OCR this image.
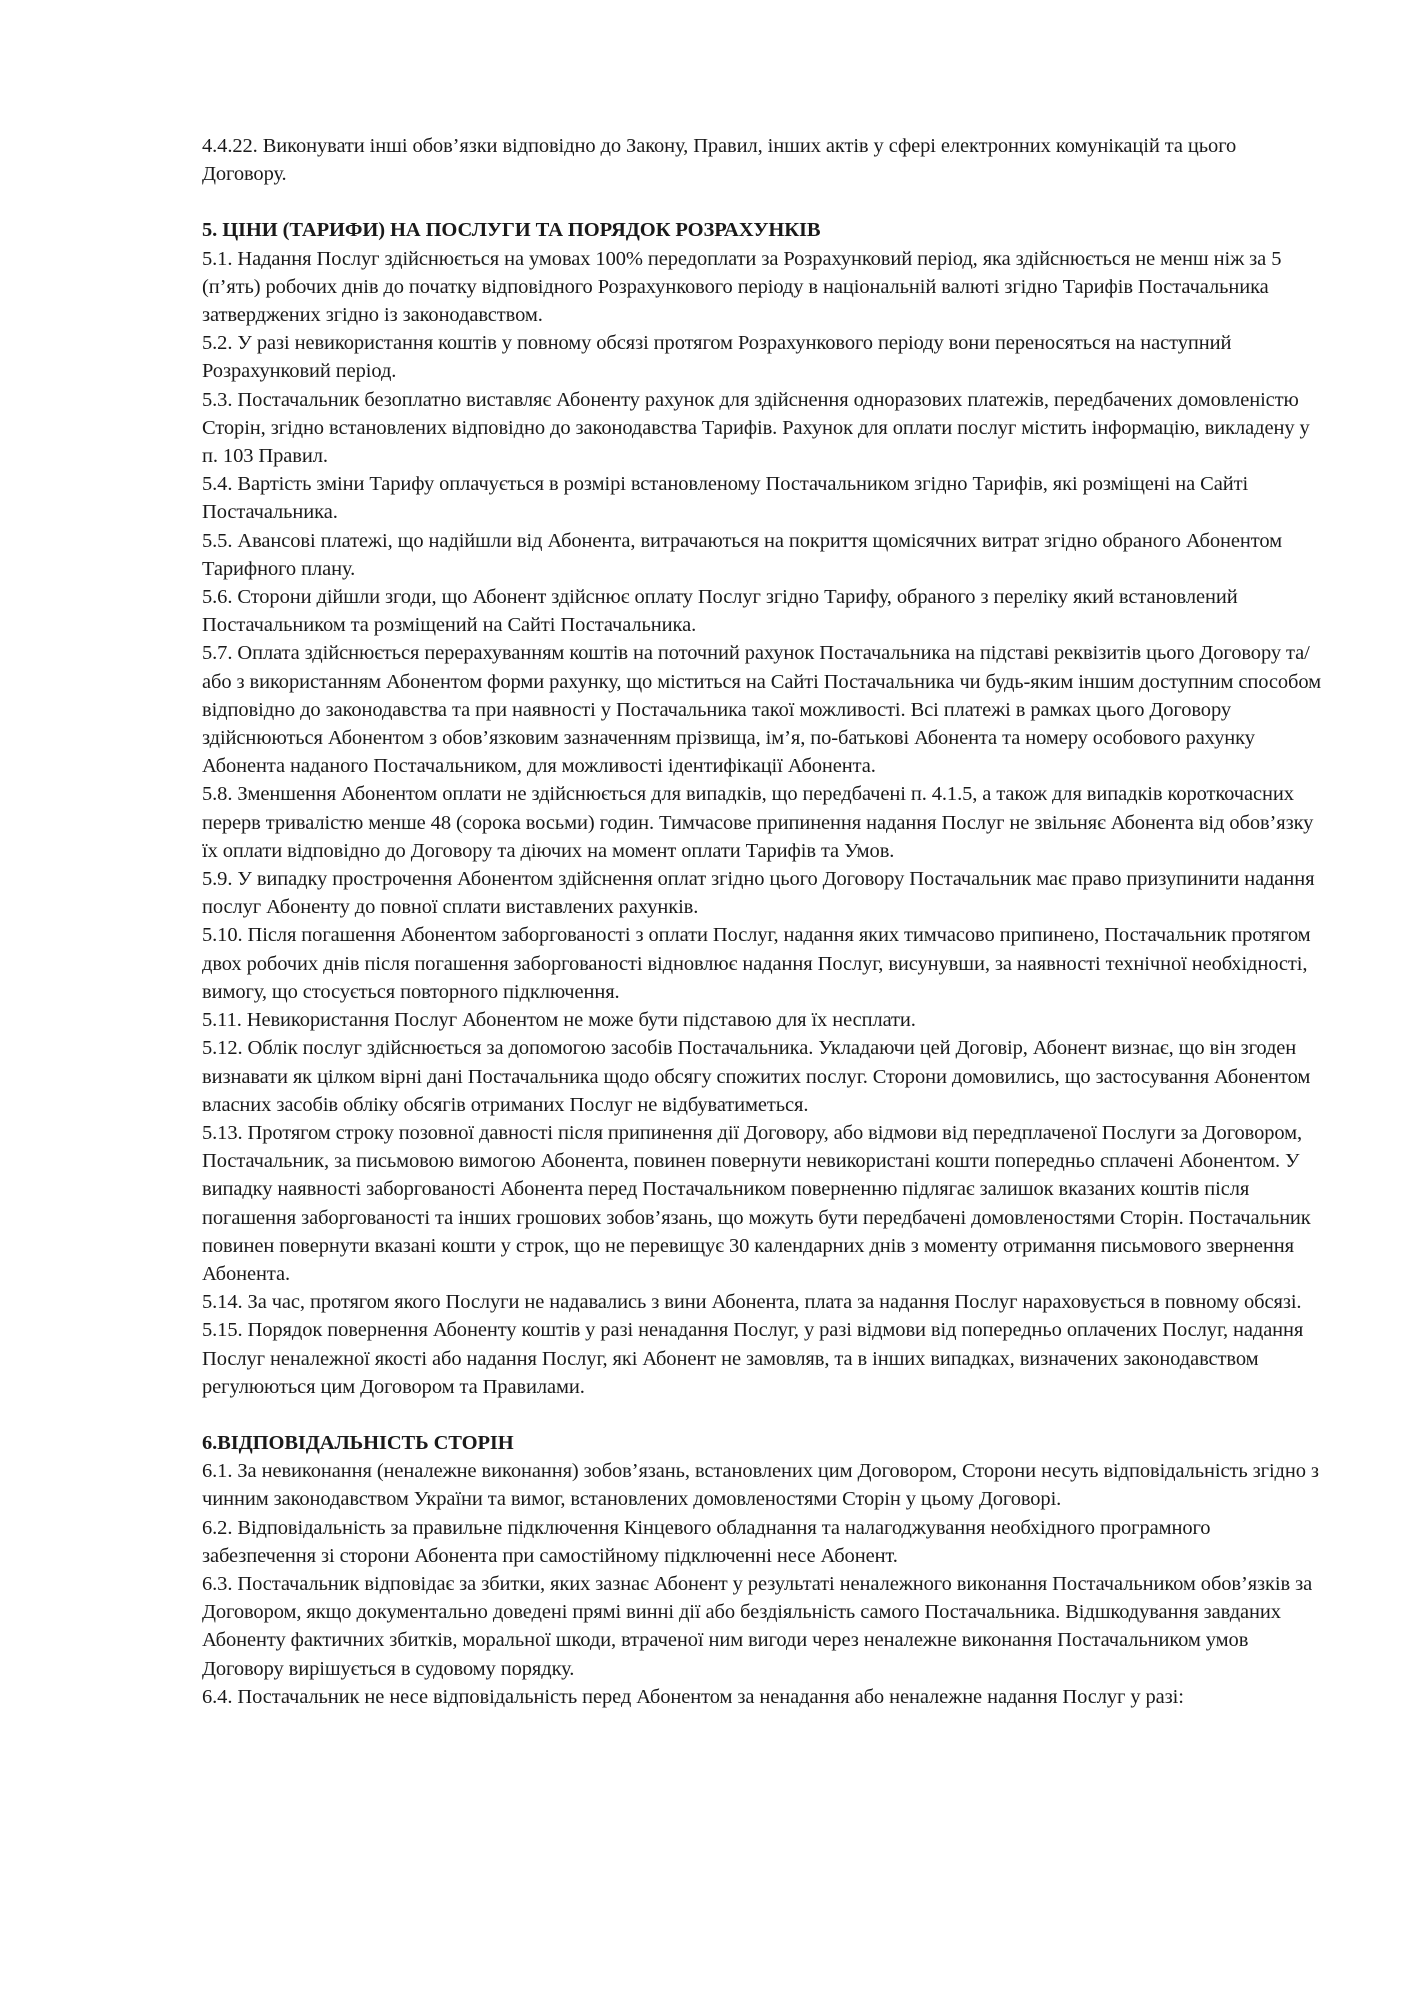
4.4.22. Виконувати інші обов’язки відповідно до Закону, Правил, інших актів у сфері електронних комунікацій та цього Договору.

5. ЦІНИ (ТАРИФИ) НА ПОСЛУГИ ТА ПОРЯДОК РОЗРАХУНКІВ

5.1. Надання Послуг здійснюється на умовах 100% передоплати за Розрахунковий період, яка здійснюється не менш ніж за 5 (п’ять) робочих днів до початку відповідного Розрахункового періоду в національній валюті згідно Тарифів Постачальника затверджених згідно із законодавством.

5.2. У разі невикористання коштів у повному обсязі протягом Розрахункового періоду вони переносяться на наступний Розрахунковий період.

5.3. Постачальник безоплатно виставляє Абоненту рахунок для здійснення одноразових платежів, передбачених домовленістю Сторін, згідно встановлених відповідно до законодавства Тарифів. Рахунок для оплати послуг містить інформацію, викладену у п. 103 Правил.

5.4. Вартість зміни Тарифу оплачується в розмірі встановленому Постачальником згідно Тарифів, які розміщені на Сайті Постачальника.

5.5. Авансові платежі, що надійшли від Абонента, витрачаються на покриття щомісячних витрат згідно обраного Абонентом Тарифного плану.

5.6. Сторони дійшли згоди, що Абонент здійснює оплату Послуг згідно Тарифу, обраного з переліку який встановлений Постачальником та розміщений на Сайті Постачальника.

5.7. Оплата здійснюється перерахуванням коштів на поточний рахунок Постачальника на підставі реквізитів цього Договору та/або з використанням Абонентом форми рахунку, що міститься на Сайті Постачальника чи будь-яким іншим доступним способом відповідно до законодавства та при наявності у Постачальника такої можливості. Всі платежі в рамках цього Договору здійснюються Абонентом з обов’язковим зазначенням прізвища, ім’я, по-батькові Абонента та номеру особового рахунку Абонента наданого Постачальником, для можливості ідентифікації Абонента.

5.8. Зменшення Абонентом оплати не здійснюється для випадків, що передбачені п. 4.1.5, а також для випадків короткочасних перерв тривалістю менше 48 (сорока восьми) годин. Тимчасове припинення надання Послуг не звільняє Абонента від обов’язку їх оплати відповідно до Договору та діючих на момент оплати Тарифів та Умов.

5.9. У випадку прострочення Абонентом здійснення оплат згідно цього Договору Постачальник має право призупинити надання послуг Абоненту до повної сплати виставлених рахунків.

5.10. Після погашення Абонентом заборгованості з оплати Послуг, надання яких тимчасово припинено, Постачальник протягом двох робочих днів після погашення заборгованості відновлює надання Послуг, висунувши, за наявності технічної необхідності, вимогу, що стосується повторного підключення.

5.11. Невикористання Послуг Абонентом не може бути підставою для їх несплати.

5.12. Облік послуг здійснюється за допомогою засобів Постачальника. Укладаючи цей Договір, Абонент визнає, що він згоден визнавати як цілком вірні дані Постачальника щодо обсягу спожитих послуг. Сторони домовились, що застосування Абонентом власних засобів обліку обсягів отриманих Послуг не відбуватиметься.

5.13. Протягом строку позовної давності після припинення дії Договору, або відмови від передплаченої Послуги за Договором, Постачальник, за письмовою вимогою Абонента, повинен повернути невикористані кошти попередньо сплачені Абонентом. У випадку наявності заборгованості Абонента перед Постачальником поверненню підлягає залишок вказаних коштів після погашення заборгованості та інших грошових зобов’язань, що можуть бути передбачені домовленостями Сторін. Постачальник повинен повернути вказані кошти у строк, що не перевищує 30 календарних днів з моменту отримання письмового звернення Абонента.

5.14. За час, протягом якого Послуги не надавались з вини Абонента, плата за надання Послуг нараховується в повному обсязі.

5.15. Порядок повернення Абоненту коштів у разі ненадання Послуг, у разі відмови від попередньо оплачених Послуг, надання Послуг неналежної якості або надання Послуг, які Абонент не замовляв, та в інших випадках, визначених законодавством регулюються цим Договором та Правилами.

6.ВІДПОВІДАЛЬНІСТЬ СТОРІН

6.1. За невиконання (неналежне виконання) зобов’язань, встановлених цим Договором, Сторони несуть відповідальність згідно з чинним законодавством України та вимог, встановлених домовленостями Сторін у цьому Договорі.

6.2. Відповідальність за правильне підключення Кінцевого обладнання та налагоджування необхідного програмного забезпечення зі сторони Абонента при самостійному підключенні несе Абонент.

6.3. Постачальник відповідає за збитки, яких зазнає Абонент у результаті неналежного виконання Постачальником обов’язків за Договором, якщо документально доведені прямі винні дії або бездіяльність самого Постачальника. Відшкодування завданих Абоненту фактичних збитків, моральної шкоди, втраченої ним вигоди через неналежне виконання Постачальником умов Договору вирішується в судовому порядку.

6.4. Постачальник не несе відповідальність перед Абонентом за ненадання або неналежне надання Послуг у разі:
